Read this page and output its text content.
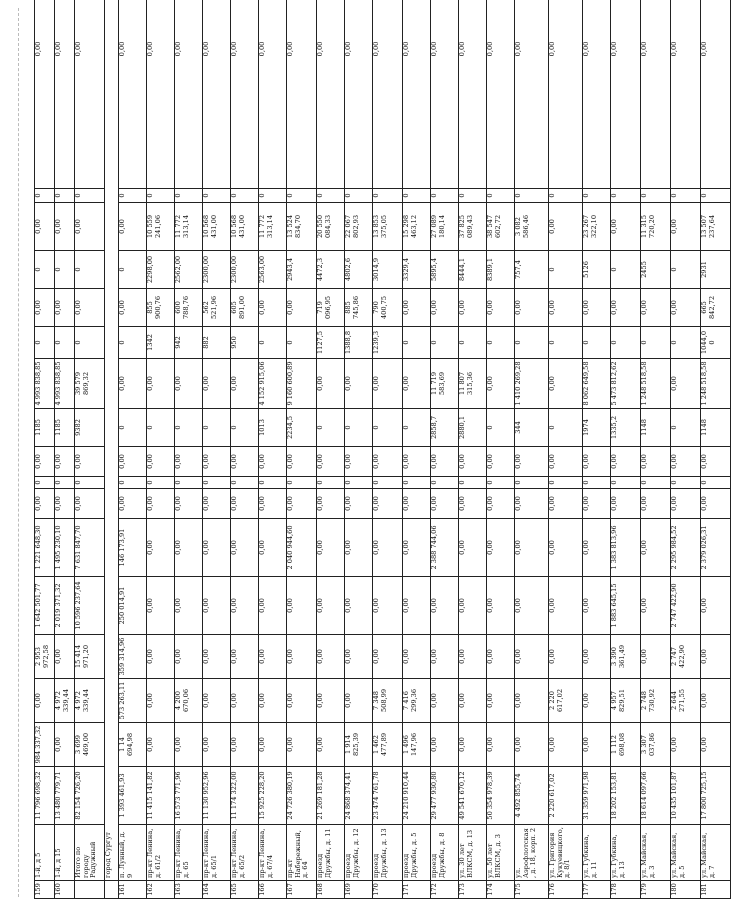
159	1-й, д 5	11 796 698,32	984 337,32	0,00	2 953 972,58	1 642 501,77	1 221 648,30	0,00	0	0,00	1185	4 993 838,85	0	0,00	0	0,00	0	0,00
160	1-й, д 15	13 480 779,71	0,00	4 972 339,44	0,00	2 019 371,32	1 495 230,10	0,00	0	0,00	1185	4 993 838,85	0	0,00	0	0,00	0	0,00
	Итого по городу Радужный	82 154 726,20	3 699 469,00	4 972 339,44	15 414 971,20	10 596 237,64	7 631 847,70	0,00	0	0,00	9382	39 579 869,32	0	0,00	0	0,00	0	0,00
	город Сургут																	
161	п. Лунный, д. 9	1 393 461,93	1 14 694,98	573 263,11	359 314,96	250 014,91	146 173,91	0,00	0	0,00	0	0,00	0	0,00	0	0,00	0	0,00
162	пр-кт Ленина, д. 61/2	11 415 141,82	0,00	0,00	0,00	0,00	0,00	0,00	0	0,00	0	0,00	1342	855 900,76	2298,00	10 559 241,06	0	0,00
163	пр-кт Ленина, д. 65	16 573 771,96	0,00	4 200 670,06	0,00	0,00	0,00	0,00	0	0,00	0	0,00	942	600 788,76	2562,00	11 772 313,14	0	0,00
164	пр-кт Ленина, д. 65/1	11 130 952,96	0,00	0,00	0,00	0,00	0,00	0,00	0	0,00	0	0,00	882	562 521,96	2300,00	10 568 431,00	0	0,00
165	пр-кт Ленина, д. 65/2	11 174 322,00	0,00	0,00	0,00	0,00	0,00	0,00	0	0,00	0	0,00	950	605 891,00	2300,00	10 568 431,00	0	0,00
166	пр-кт Ленина, д. 67/4	15 925 228,20	0,00	0,00	0,00	0,00	0,00	0,00	0	0,00	1013	4 152 915,06	0	0,00	2563,00	11 772 313,14	0	0,00
167	пр-кт Набережный, д. 64	24 726 380,19	0,00	0,00	0,00	0,00	2 040 944,60	0,00	0	0,00	2234,5	9 160 600,89	0	0,00	2943,4	13 524 834,70	0	0,00
168	проезд Дружбы, д. 11	21 269 181,28	0,00	0,00	0,00	0,00	0,00	0,00	0	0,00	0	0,00	1127,5	719 096,95	4472,3	20 550 084,33	0	0,00
169	проезд Дружбы, д. 12	24 868 374,41	1 914 825,39	0,00	0,00	0,00	0,00	0,00	0	0,00	0	0,00	1388,8	885 745,86	4802,6	22 067 802,93	0	0,00
170	проезд Дружбы, д. 13	23 474 761,78	1 462 477,89	7 348 508,99	0,00	0,00	0,00	0,00	0	0,00	0	0,00	1239,3	790 400,75	3014,9	13 853 375,05	0	0,00
171	проезд Дружбы, д. 5	24 210 910,44	1 496 147,96	7 416 299,36	0,00	0,00	0,00	0,00	0	0,00	0	0,00	0	0,00	3329,4	15 298 463,12	0	0,00
172	проезд Дружбы, д. 8	29 477 930,80	0,00	0,00	0,00	0,00	2 388 744,06	0,00	0	0,00	2858,7	11 719 583,69	0	0,00	5895,4	27 089 180,14	0	0,00
173	ул. 30 лет ВЛКСМ, д. 13	49 541 670,12	0,00	0,00	0,00	0,00	0,00	0,00	0	0,00	2880,1	11 807 315,36	0	0,00	8444,1	37 825 089,43	0	0,00
174	ул. 50 лет ВЛКСМ, д. 3	50 354 978,39	0,00	0,00	0,00	0,00	0,00	0,00	0	0,00	0	0,00	0	0,00	8389,1	38 547 602,72	0	0,00
175	ул. Аэрофлотская, д. 18, корп. 2	4 492 855,74	0,00	0,00	0,00	0,00	0,00	0,00	0	0,00	344	1 410 269,28	0	0,00	757,4	3 082 586,46	0	0,00
176	ул. Григория Кукуевицкого, д. 8/1	2 220 617,02	0,00	2 220 617,02	0,00	0,00	0,00	0,00	0	0,00	0	0,00	0	0,00	0	0,00	0	0,00
177	ул. Губкина, д. 11	31 359 971,98	0,00	0,00	0,00	0,00	0,00	0,00	0	0,00	1974	8 062 649,58	0	0,00	5126	23 267 322,10	0	0,00
178	ул. Губкина, д. 13	18 202 153,81	1 112 698,08	4 957 829,51	3 390 361,49	1 883 645,15	1 383 813,96	0,00	0	0,00	1335,2	5 473 812,62	0	0,00	0	0,00	0	0,00
179	ул. Майская, д. 3	18 614 097,66	3 307 037,86	2 748 730,92	0,00	0,00	0,00	0,00	0	0,00	1148	1 248 518,58	0	0,00	2455	11 315 720,20	0	0,00
180	ул. Майская, д. 5	10 435 101,87	0,00	2 644 271,55	2 747 422,90	2 747 422,90	2 295 984,52	0,00	0	0,00	0	0,00	0	0,00	0	0,00	0	0,00
181	ул. Майская, д. 7	17 800 725,15	0,00	0,00	0,00	0,00	2 379 026,31	0,00	0	0,00	1148	1 248 518,58	1044,00	665 842,72	2931	13 507 237,64	0	0,00
